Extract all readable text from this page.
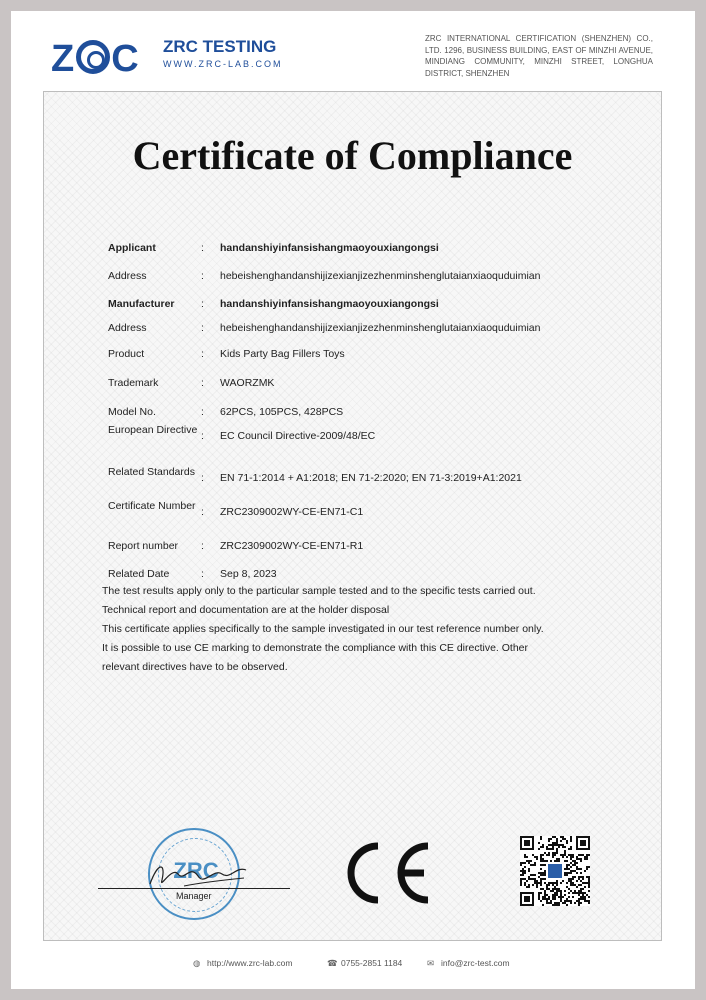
Z C ZRC TESTING
WWW.ZRC-LAB.COM
ZRC INTERNATIONAL CERTIFICATION (SHENZHEN) CO., LTD. 1296, BUSINESS BUILDING, EAST OF MINZHI AVENUE, MINDIANG COMMUNITY, MINZHI STREET, LONGHUA DISTRICT, SHENZHEN
Certificate of Compliance
Applicant	: handanshiyinfansishangmaoyouxiangongsi
Address	: hebeishenghandanshijizexianjizezhenminshenglutaianxiaoquduimian
Manufacturer	: handanshiyinfansishangmaoyouxiangongsi
Address	: hebeishenghandanshijizexianjizezhenminshenglutaianxiaoquduimian
Product	: Kids Party Bag Fillers Toys
Trademark	: WAORZMK
Model No.	: 62PCS, 105PCS, 428PCS
European Directive : EC Council Directive-2009/48/EC
Related Standards : EN 71-1:2014 + A1:2018; EN 71-2:2020; EN 71-3:2019+A1:2021
Certificate Number : ZRC2309002WY-CE-EN71-C1
Report number	: ZRC2309002WY-CE-EN71-R1
Related Date	: Sep 8, 2023

The test results apply only to the particular sample tested and to the specific tests carried out.

Technical report and documentation are at the holder disposal

This certificate applies specifically to the sample investigated in our test reference number only.

It is possible to use CE marking to demonstrate the compliance with this CE directive. Other

relevant directives have to be observed.

ZRC
Manager
◍ http://www.zrc-lab.com	☎ 0755-2851 1184	✉ info@zrc-test.com
